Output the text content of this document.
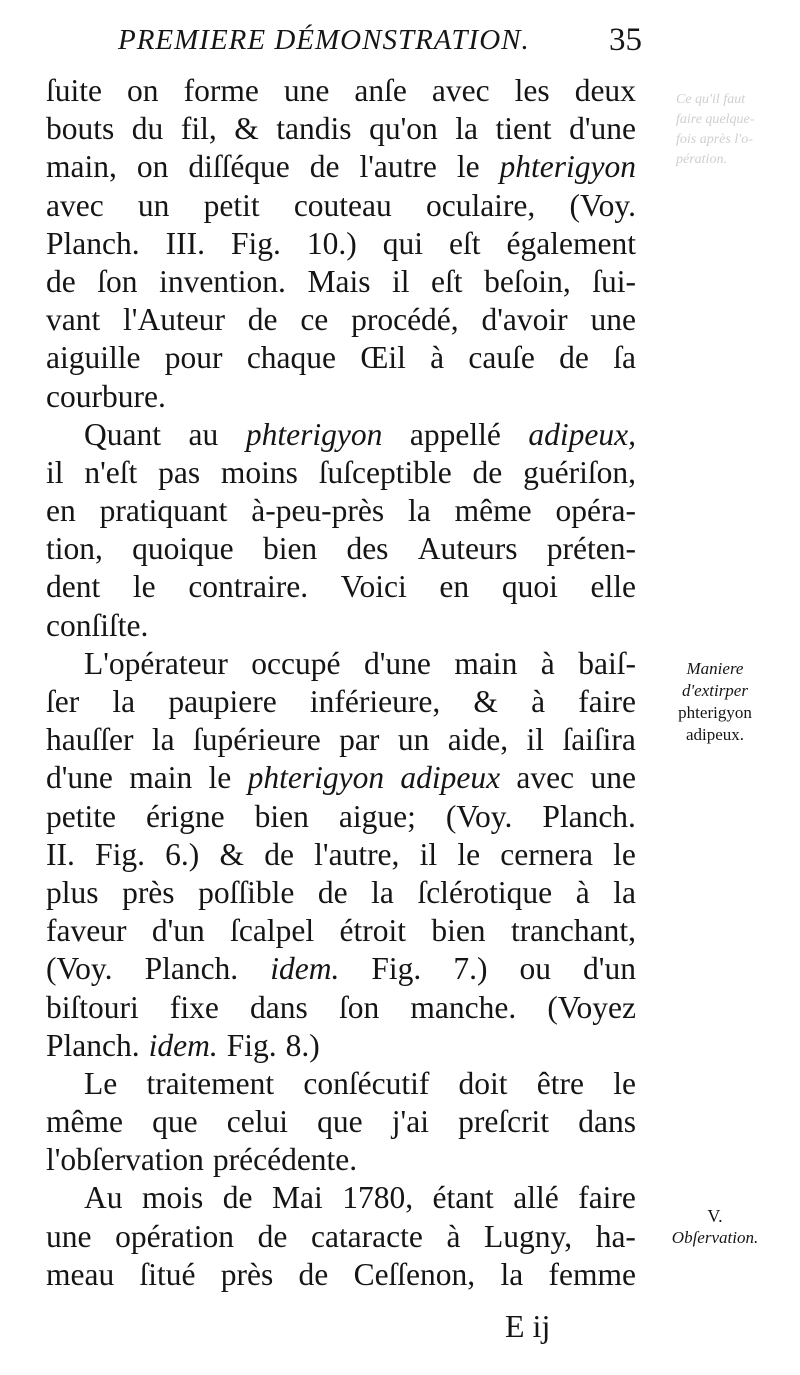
PREMIERE DÉMONSTRATION. 35
Ce qu'il faut
faire quelque-
fois après l'o-
pération.
ſuite on forme une anſe avec les deux
bouts du fil, & tandis qu'on la tient d'une
main, on diſſéque de l'autre le phterigyon
avec un petit couteau oculaire, (Voy.
Planch. III. Fig. 10.) qui eſt également
de ſon invention. Mais il eſt beſoin, ſui-
vant l'Auteur de ce procédé, d'avoir une
aiguille pour chaque Œil à cauſe de ſa
courbure.
Quant au phterigyon appellé adipeux,
il n'eſt pas moins ſuſceptible de guériſon,
en pratiquant à-peu-près la même opéra-
tion, quoique bien des Auteurs préten-
dent le contraire. Voici en quoi elle
conſiſte.
L'opérateur occupé d'une main à baiſ-
ſer la paupiere inférieure, & à faire
hauſſer la ſupérieure par un aide, il ſaiſira
d'une main le phterigyon adipeux avec une
petite érigne bien aigue; (Voy. Planch.
II. Fig. 6.) & de l'autre, il le cernera le
plus près poſſible de la ſclérotique à la
faveur d'un ſcalpel étroit bien tranchant,
(Voy. Planch. idem. Fig. 7.) ou d'un
biſtouri fixe dans ſon manche. (Voyez
Planch. idem. Fig. 8.)
Le traitement conſécutif doit être le
même que celui que j'ai preſcrit dans
l'obſervation précédente.
Au mois de Mai 1780, étant allé faire
une opération de cataracte à Lugny, ha-
meau ſitué près de Ceſſenon, la femme
Maniere
d'extirper
phterigyon
adipeux.
V.
Obſervation.
E ij
